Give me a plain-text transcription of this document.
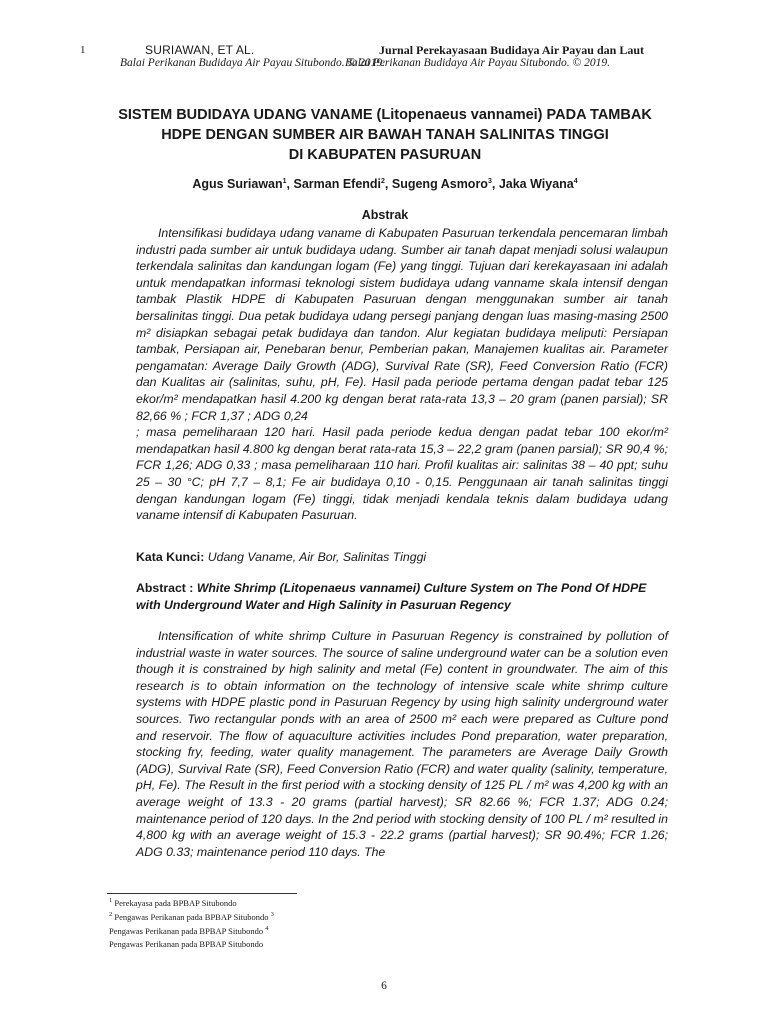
1	SURIAWAN, ET AL.	Jurnal Perekayasaan Budidaya Air Payau dan Laut
Balai Perikanan Budidaya Air Payau Situbondo. © 2019.
Balai Perikanan Budidaya Air Payau Situbondo. © 2019.
SISTEM BUDIDAYA UDANG VANAME (Litopenaeus vannamei) PADA TAMBAK
HDPE DENGAN SUMBER AIR BAWAH TANAH SALINITAS TINGGI
DI KABUPATEN PASURUAN
Agus Suriawan$^1$, Sarman Efendi$^2$, Sugeng Asmoro$^3$, Jaka Wiyana$^4$
Abstrak
Intensifikasi budidaya udang vaname di Kabupaten Pasuruan terkendala pencemaran limbah industri pada sumber air untuk budidaya udang. Sumber air tanah dapat menjadi solusi walaupun terkendala salinitas dan kandungan logam (Fe) yang tinggi. Tujuan dari kerekayasaan ini adalah untuk mendapatkan informasi teknologi sistem budidaya udang vanname skala intensif dengan tambak Plastik HDPE di Kabupaten Pasuruan dengan menggunakan sumber air tanah bersalinitas tinggi. Dua petak budidaya udang persegi panjang dengan luas masing-masing 2500 m² disiapkan sebagai petak budidaya dan tandon. Alur kegiatan budidaya meliputi: Persiapan tambak, Persiapan air, Penebaran benur, Pemberian pakan, Manajemen kualitas air. Parameter pengamatan: Average Daily Growth (ADG), Survival Rate (SR), Feed Conversion Ratio (FCR) dan Kualitas air (salinitas, suhu, pH, Fe). Hasil pada periode pertama dengan padat tebar 125 ekor/m² mendapatkan hasil 4.200 kg dengan berat rata-rata 13,3 – 20 gram (panen parsial); SR 82,66 % ; FCR 1,37 ; ADG 0,24
; masa pemeliharaan 120 hari. Hasil pada periode kedua dengan padat tebar 100 ekor/m² mendapatkan hasil 4.800 kg dengan berat rata-rata 15,3 – 22,2 gram (panen parsial); SR 90,4 %; FCR 1,26; ADG 0,33 ; masa pemeliharaan 110 hari. Profil kualitas air: salinitas 38 – 40 ppt; suhu 25 – 30 °C; pH 7,7 – 8,1; Fe air budidaya 0,10 - 0,15. Penggunaan air tanah salinitas tinggi dengan kandungan logam (Fe) tinggi, tidak menjadi kendala teknis dalam budidaya udang vaname intensif di Kabupaten Pasuruan.
Kata Kunci: Udang Vaname, Air Bor, Salinitas Tinggi
Abstract : White Shrimp (Litopenaeus vannamei) Culture System on The Pond Of HDPE with Underground Water and High Salinity in Pasuruan Regency
Intensification of white shrimp Culture in Pasuruan Regency is constrained by pollution of industrial waste in water sources. The source of saline underground water can be a solution even though it is constrained by high salinity and metal (Fe) content in groundwater. The aim of this research is to obtain information on the technology of intensive scale white shrimp culture systems with HDPE plastic pond in Pasuruan Regency by using high salinity underground water sources. Two rectangular ponds with an area of 2500 m² each were prepared as Culture pond and reservoir. The flow of aquaculture activities includes Pond preparation, water preparation, stocking fry, feeding, water quality management. The parameters are Average Daily Growth (ADG), Survival Rate (SR), Feed Conversion Ratio (FCR) and water quality (salinity, temperature, pH, Fe). The Result in the first period with a stocking density of 125 PL / m² was 4,200 kg with an average weight of 13.3 - 20 grams (partial harvest); SR 82.66 %; FCR 1.37; ADG 0.24; maintenance period of 120 days. In the 2nd period with stocking density of 100 PL / m² resulted in 4,800 kg with an average weight of 15.3 - 22.2 grams (partial harvest); SR 90.4%; FCR 1.26; ADG 0.33; maintenance period 110 days. The
$^1$ Perekayasa pada BPBAP Situbondo
$^2$ Pengawas Perikanan pada BPBAP Situbondo $^3$
Pengawas Perikanan pada BPBAP Situbondo $^4$
Pengawas Perikanan pada BPBAP Situbondo
6
